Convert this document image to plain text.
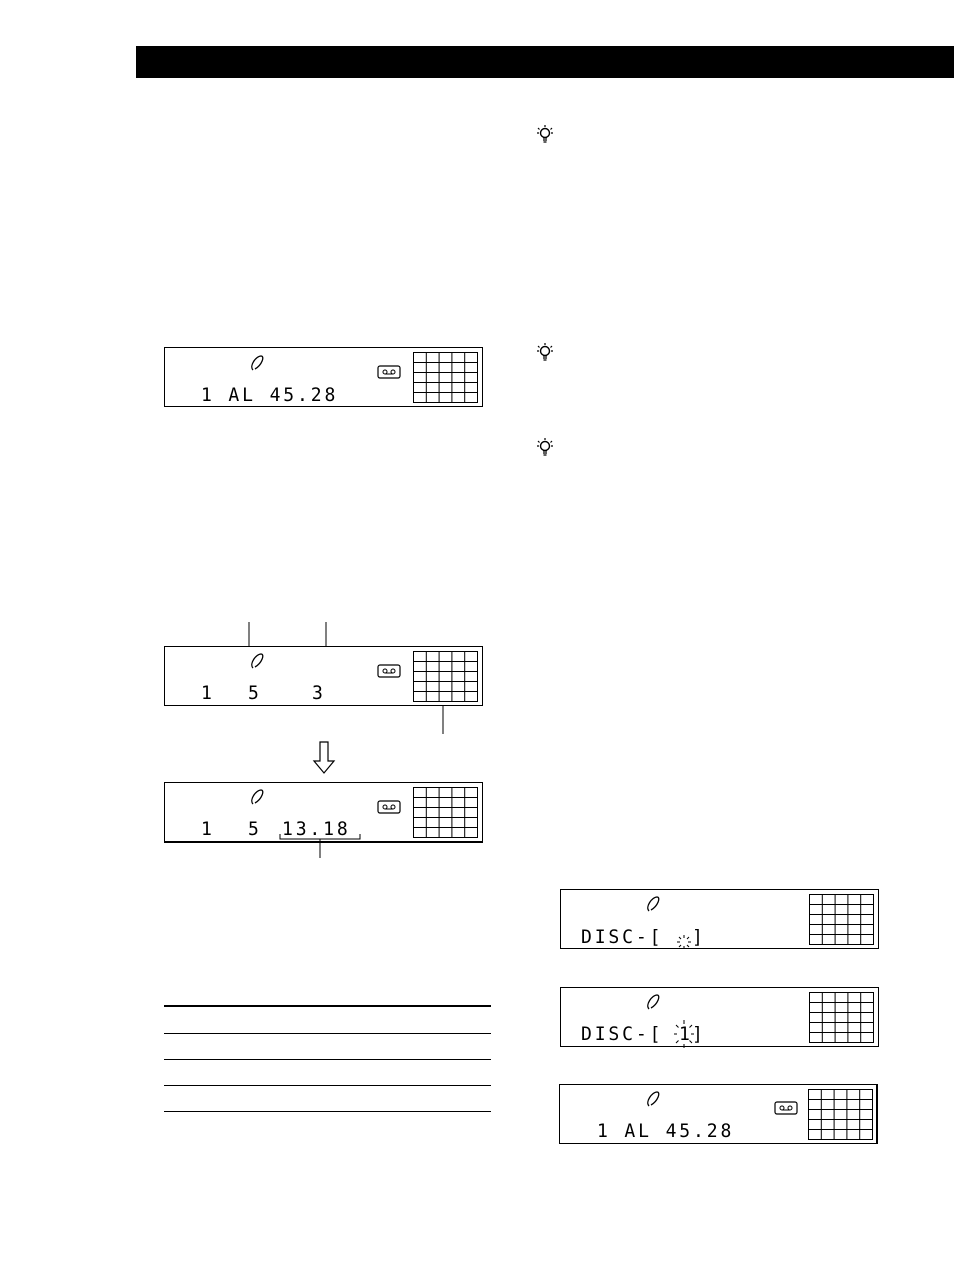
1 AL 45.28
1 5	3
1 5 13.18
DISC-[ ]
DISC-[ 1 ]
1 AL 45.28
